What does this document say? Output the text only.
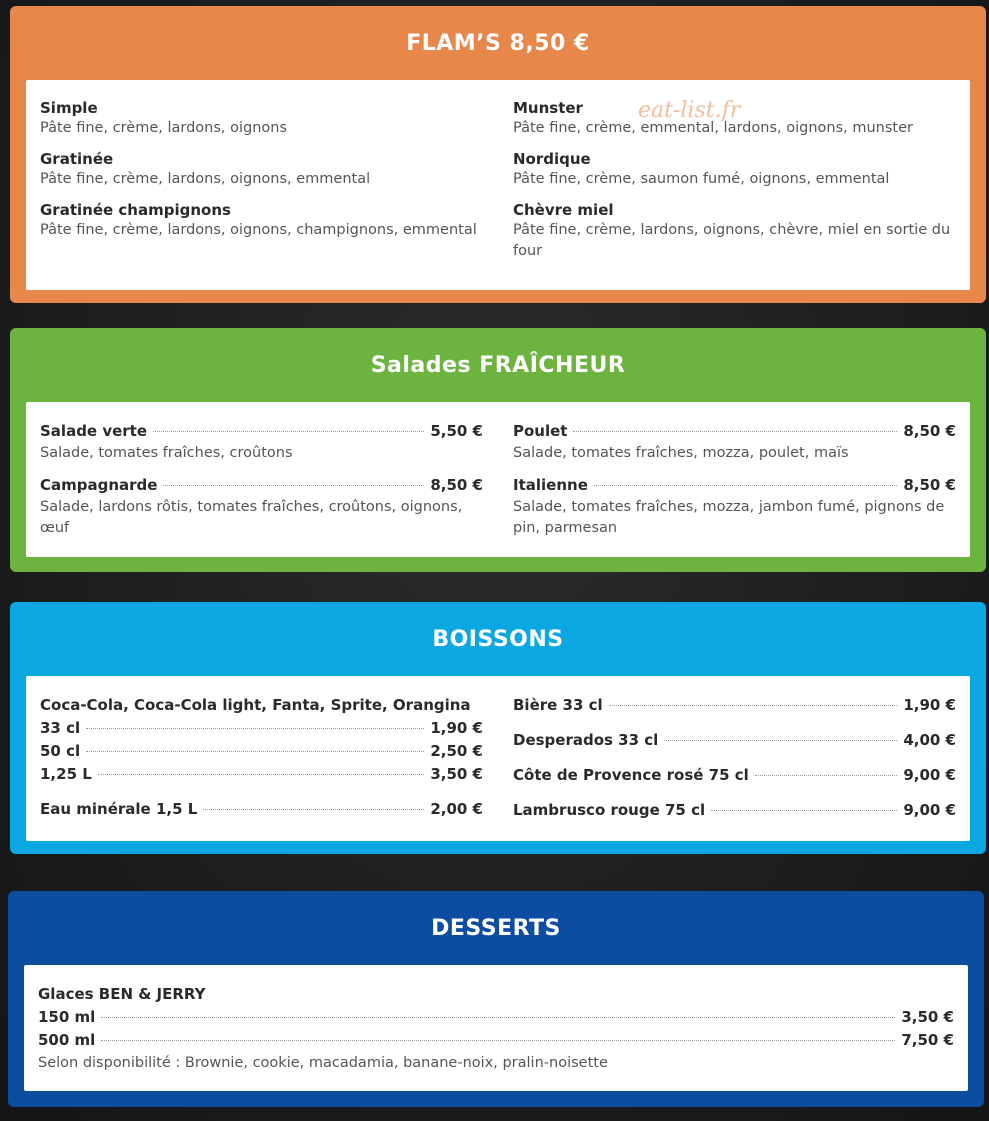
FLAM’S 8,50 €
Simple
Pâte fine, crème, lardons, oignons
Gratinée
Pâte fine, crème, lardons, oignons, emmental
Gratinée champignons
Pâte fine, crème, lardons, oignons, champignons, emmental
Munster
Pâte fine, crème, emmental, lardons, oignons, munster
Nordique
Pâte fine, crème, saumon fumé, oignons, emmental
Chèvre miel
Pâte fine, crème, lardons, oignons, chèvre, miel en sortie du four
eat-list.fr
Salades FRAÎCHEUR
Salade verte	5,50 €
Salade, tomates fraîches, croûtons
Campagnarde	8,50 €
Salade, lardons rôtis, tomates fraîches, croûtons, oignons, œuf
Poulet	8,50 €
Salade, tomates fraîches, mozza, poulet, maïs
Italienne	8,50 €
Salade, tomates fraîches, mozza, jambon fumé, pignons de pin, parmesan
BOISSONS
Coca-Cola, Coca-Cola light, Fanta, Sprite, Orangina
33 cl	1,90 €
50 cl	2,50 €
1,25 L	3,50 €
Eau minérale 1,5 L	2,00 €
Bière 33 cl	1,90 €
Desperados 33 cl	4,00 €
Côte de Provence rosé 75 cl	9,00 €
Lambrusco rouge 75 cl	9,00 €
DESSERTS
Glaces BEN & JERRY
150 ml	3,50 €
500 ml	7,50 €
Selon disponibilité : Brownie, cookie, macadamia, banane-noix, pralin-noisette
